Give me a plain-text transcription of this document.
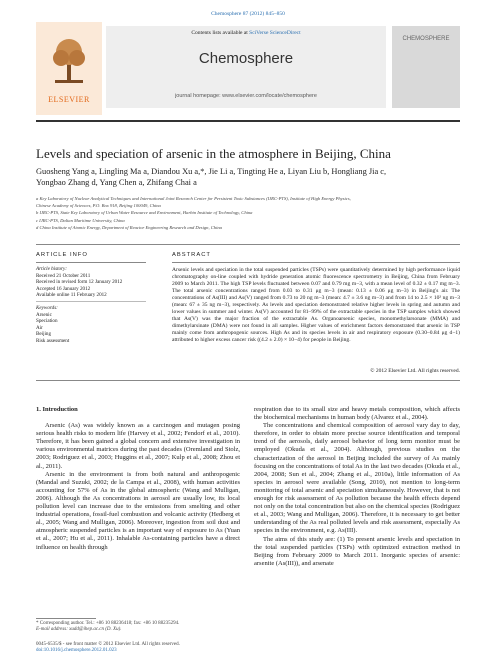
Chemosphere 87 (2012) 845–850
ELSEVIER
Contents lists available at SciVerse ScienceDirect
Chemosphere
journal homepage: www.elsevier.com/locate/chemosphere
CHEMOSPHERE
Levels and speciation of arsenic in the atmosphere in Beijing, China
Guosheng Yang a, Lingling Ma a, Diandou Xu a,*, Jie Li a, Tingting He a, Liyan Liu b, Hongliang Jia c,
Yongbao Zhang d, Yang Chen a, Zhifang Chai a
a Key Laboratory of Nuclear Analytical Techniques and International Joint Research Center for Persistent Toxic Substances (IJRC-PTS), Institute of High Energy Physics,
Chinese Academy of Sciences, P.O. Box 918, Beijing 100049, China
b IJRC-PTS, State Key Laboratory of Urban Water Resource and Environment, Harbin Institute of Technology, China
c IJRC-PTS, Dalian Maritime University, China
d China Institute of Atomic Energy, Department of Reactor Engineering Research and Design, China
ARTICLE INFO	ABSTRACT
Article history:
Received 21 October 2011
Received in revised form 12 January 2012
Accepted 16 January 2012
Available online 11 February 2012
Keywords:
Arsenic
Speciation
Air
Beijing
Risk assessment
Arsenic levels and speciation in the total suspended particles (TSPs) were quantitatively determined by high performance liquid chromatography on-line coupled with hydride generation atomic fluorescence spectrometry in Beijing, China from February 2009 to March 2011. The high TSP levels fluctuated between 0.07 and 0.79 mg m−3, with a mean level of 0.32 ± 0.17 mg m−3. The total arsenic concentrations ranged from 0.03 to 0.31 μg m−3 (mean: 0.13 ± 0.06 μg m−3) in Beijing's air. The concentrations of As(III) and As(V) ranged from 0.73 to 20 ng m−3 (mean: 4.7 ± 3.6 ng m−3) and from 14 to 2.5 × 10² ng m−3 (mean: 67 ± 35 ng m−3), respectively. As levels and speciation demonstrated relative higher levels in spring and autumn and lower values in summer and winter. As(V) accounted for 81–99% of the extractable species in the TSP samples which showed that As(V) was the major fraction of the extractable As. Organoarsenic species, monomethylarsonate (MMA) and dimethylarsinate (DMA) were not found in all samples. Higher values of enrichment factors demonstrated that arsenic in TSP mainly come from anthropogenic sources. High As and its species levels in air and respiratory exposure (0.30–0.84 μg d−1) attributed to higher excess cancer risk ((4.2 ± 2.0) × 10−4) for people in Beijing.
© 2012 Elsevier Ltd. All rights reserved.

1. Introduction

Arsenic (As) was widely known as a carcinogen and mutagen posing serious health risks to modern life (Harvey et al., 2002; Fendorf et al., 2010). Therefore, it has been gained a global concern and extensive investigation in various environmental matrices during the past decades (Oremland and Stolz, 2003; Rodriguez et al., 2003; Huggins et al., 2007; Kulp et al., 2008; Zhou et al., 2011).

Arsenic in the environment is from both natural and anthropogenic (Mandal and Suzuki, 2002; de la Campa et al., 2008), with human activities accounting for 57% of As in the global atmospheric (Wang and Mulligan, 2006). Although the As concentrations in aerosol are usually low, its local pollution level can increase due to the emissions from smelting and other industrial operations, fossil-fuel combustion and volcanic activity (Hedberg et al., 2005; Wang and Mulligan, 2006). Moreover, ingestion from soil dust and atmospheric suspended particles is an important way of exposure to As (Yuan et al., 2007; Hu et al., 2011). Inhalable As-containing particles have a direct influence on health through

respiration due to its small size and heavy metals composition, which affects the biochemical mechanisms in human body (Alvarez et al., 2004).

The concentrations and chemical composition of aerosol vary day to day, therefore, in order to obtain more precise source identification and temporal trend of the aerosols, daily aerosol behavior of long term monitor must be employed (Okuda et al., 2004). Although, previous studies on the characterization of the aerosol in Beijing included the survey of As mainly focusing on the concentrations of total As in the last two decades (Okuda et al., 2004, 2008; Sun et al., 2004; Zhang et al., 2010a), little information of As species in aerosol were available (Song, 2010), not mention to long-term monitoring of total arsenic and speciation simultaneously. However, that is not enough for risk assessment of As pollution because the health effects depend not only on the total concentration but also on the chemical species (Rodriguez et al., 2003; Wang and Mulligan, 2006). Therefore, it is necessary to get better understanding of the As real polluted levels and risk assessment, especially As species in the environment, e.g. As(III).

The aims of this study are: (1) To present arsenic levels and speciation in the total suspended particles (TSPs) with optimized extraction method in Beijing from February 2009 to March 2011. Inorganic species of arsenic: arsenite (As(III)), and arsenate

* Corresponding author. Tel.: +86 10 88236418; fax: +86 10 88235294.
E-mail address: xudd@ihep.ac.cn (D. Xu).
0045-6535/$ - see front matter © 2012 Elsevier Ltd. All rights reserved.
doi:10.1016/j.chemosphere.2012.01.023
